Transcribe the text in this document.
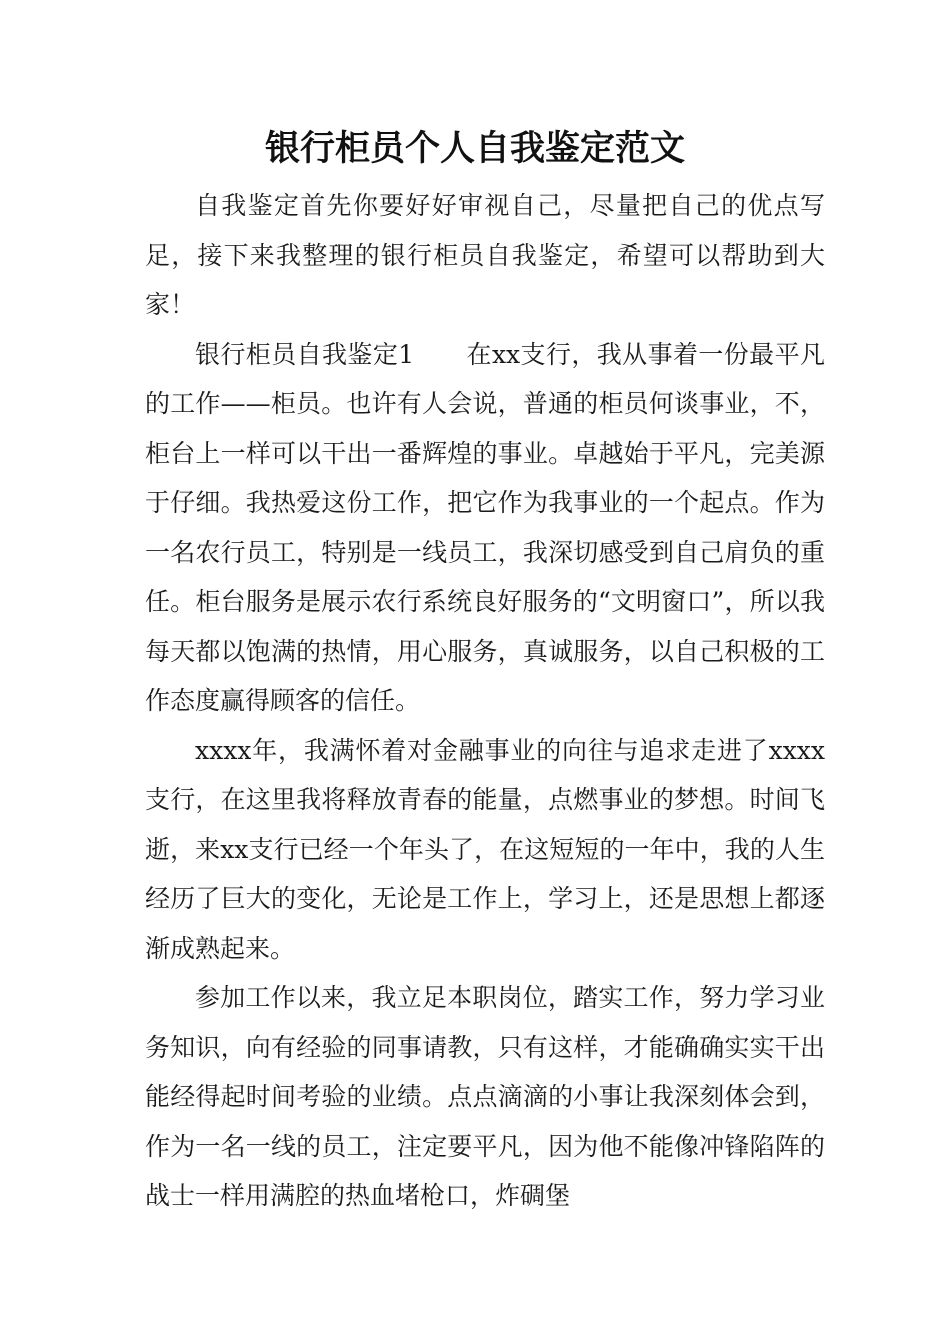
银行柜员个人自我鉴定范文

自我鉴定首先你要好好审视自己，尽量把自己的优点写足，接下来我整理的银行柜员自我鉴定，希望可以帮助到大家！

银行柜员自我鉴定1 在xx支行，我从事着一份最平凡的工作——柜员。也许有人会说，普通的柜员何谈事业，不，柜台上一样可以干出一番辉煌的事业。卓越始于平凡，完美源于仔细。我热爱这份工作，把它作为我事业的一个起点。作为一名农行员工，特别是一线员工，我深切感受到自己肩负的重任。柜台服务是展示农行系统良好服务的“文明窗口”，所以我每天都以饱满的热情，用心服务，真诚服务，以自己积极的工作态度赢得顾客的信任。

xxxx年，我满怀着对金融事业的向往与追求走进了xxxx支行，在这里我将释放青春的能量，点燃事业的梦想。时间飞逝，来xx支行已经一个年头了，在这短短的一年中，我的人生经历了巨大的变化，无论是工作上，学习上，还是思想上都逐渐成熟起来。

参加工作以来，我立足本职岗位，踏实工作，努力学习业务知识，向有经验的同事请教，只有这样，才能确确实实干出能经得起时间考验的业绩。点点滴滴的小事让我深刻体会到，作为一名一线的员工，注定要平凡，因为他不能像冲锋陷阵的战士一样用满腔的热血堵枪口，炸碉堡
